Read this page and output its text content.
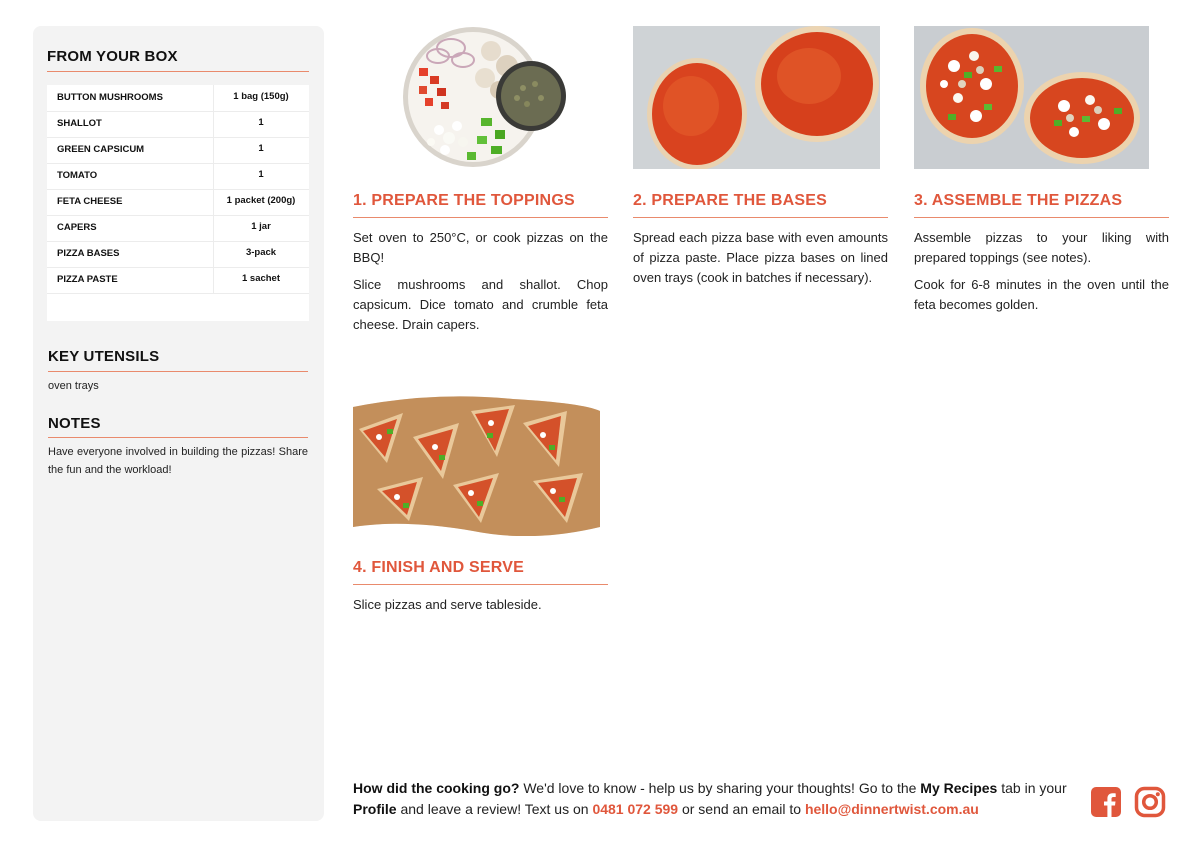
FROM YOUR BOX
BUTTON MUSHROOMS	1 bag (150g)
SHALLOT	1
GREEN CAPSICUM	1
TOMATO	1
FETA CHEESE	1 packet (200g)
CAPERS	1 jar
PIZZA BASES	3-pack
PIZZA PASTE	1 sachet
KEY UTENSILS
oven trays
NOTES
Have everyone involved in building the pizzas! Share the fun and the workload!
1. PREPARE THE TOPPINGS

Set oven to 250°C, or cook pizzas on the BBQ!

Slice mushrooms and shallot. Chop capsicum. Dice tomato and crumble feta cheese. Drain capers.

2. PREPARE THE BASES

Spread each pizza base with even amounts of pizza paste. Place pizza bases on lined oven trays (cook in batches if necessary).

3. ASSEMBLE THE PIZZAS

Assemble pizzas to your liking with prepared toppings (see notes).

Cook for 6-8 minutes in the oven until the feta becomes golden.

4. FINISH AND SERVE

Slice pizzas and serve tableside.

How did the cooking go? We'd love to know - help us by sharing your thoughts! Go to the My Recipes tab in your Profile and leave a review! Text us on 0481 072 599 or send an email to hello@dinnertwist.com.au
